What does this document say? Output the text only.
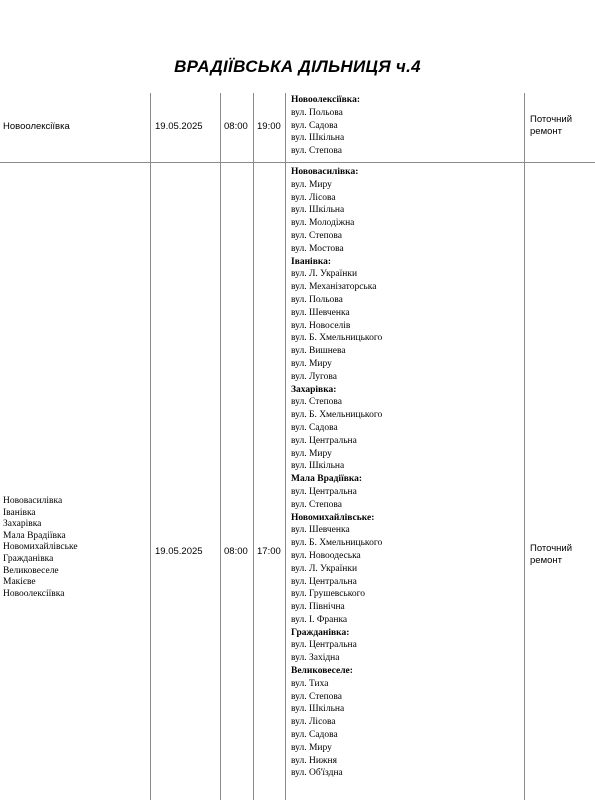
ВРАДІЇВСЬКА ДІЛЬНИЦЯ ч.4
Новоолексіївка	19.05.2025 08:00 19:00
Поточний
ремонт
Новоолексіївка:
вул. Польова
вул. Садова
вул. Шкільна
вул. Степова
Нововасилівка
Іванівка
Захарівка
Мала Врадіївка
Новомихайлівське
Гражданівка
Великовеселе
Макієве
Новоолексіївка
19.05.2025 08:00 17:00	Поточний
ремонт
Нововасилівка:
вул. Миру
вул. Лісова
вул. Шкільна
вул. Молодіжна
вул. Степова
вул. Мостова
Іванівка:
вул. Л. Українки
вул. Механізаторська
вул. Польова
вул. Шевченка
вул. Новоселів
вул. Б. Хмельницького
вул. Вишнева
вул. Миру
вул. Лугова
Захарівка:
вул. Степова
вул. Б. Хмельницького
вул. Садова
вул. Центральна
вул. Миру
вул. Шкільна
Мала Врадіївка:
вул. Центральна
вул. Степова
Новомихайлівське:
вул. Шевченка
вул. Б. Хмельницького
вул. Новоодеська
вул. Л. Українки
вул. Центральна
вул. Грушевського
вул. Північна
вул. І. Франка
Гражданівка:
вул. Центральна
вул. Західна
Великовеселе:
вул. Тиха
вул. Степова
вул. Шкільна
вул. Лісова
вул. Садова
вул. Миру
вул. Нижня
вул. Об'їздна
